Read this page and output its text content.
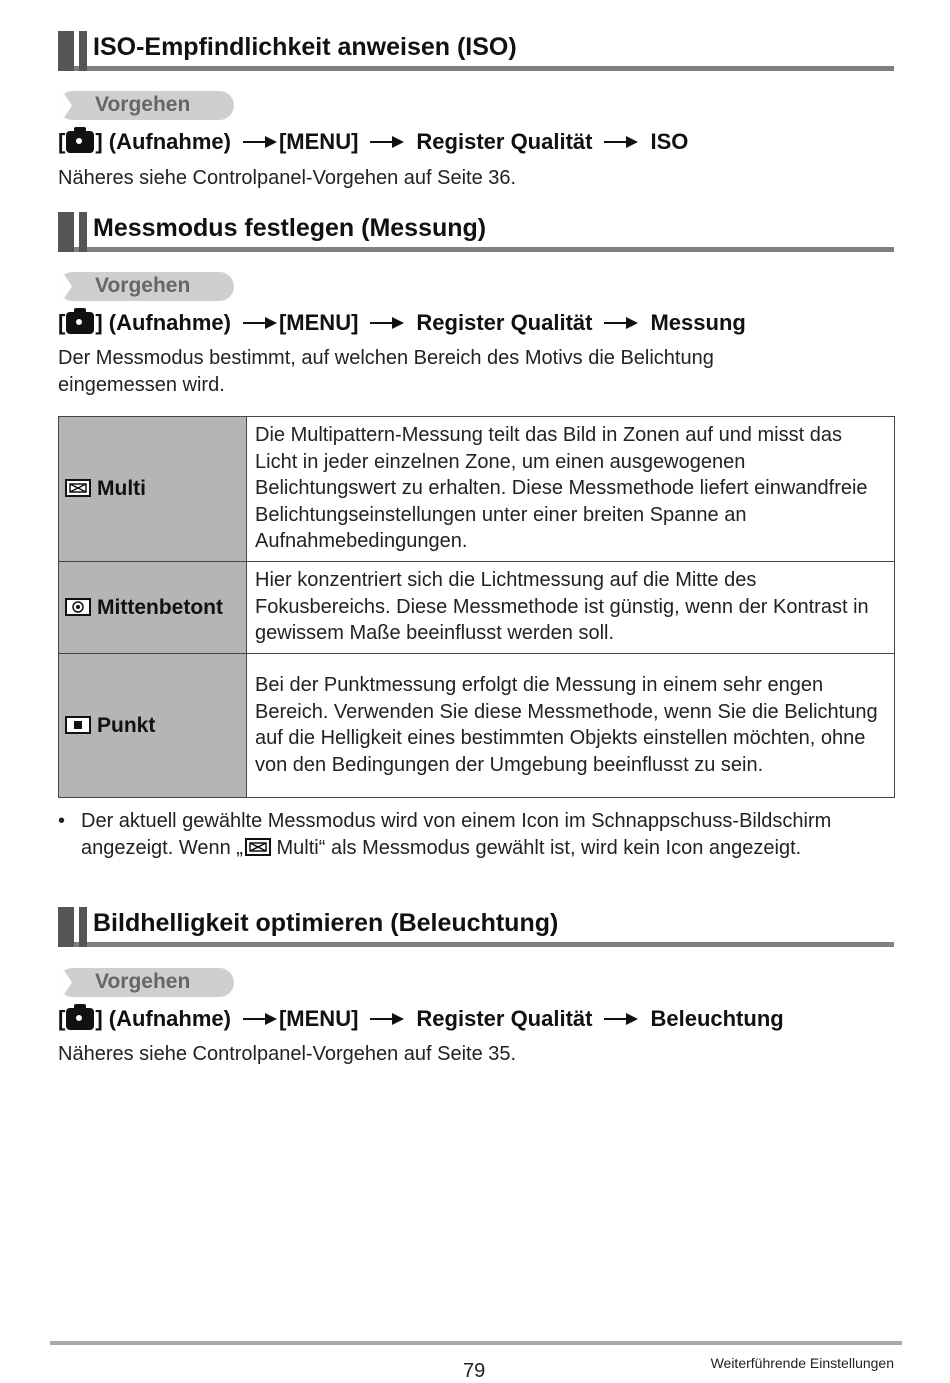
ISO-Empfindlichkeit anweisen (ISO)
Vorgehen
[ ] (Aufnahme) [MENU]	Register Qualität	ISO
Näheres siehe Controlpanel-Vorgehen auf Seite 36.
Messmodus festlegen (Messung)
Vorgehen
[ ] (Aufnahme) [MENU]	Register Qualität	Messung
Der Messmodus bestimmt, auf welchen Bereich des Motivs die Belichtung eingemessen wird.
Multi	Die Multipattern-Messung teilt das Bild in Zonen auf und misst das Licht in jeder einzelnen Zone, um einen ausgewogenen Belichtungswert zu erhalten. Diese Messmethode liefert einwandfreie Belichtungseinstellungen unter einer breiten Spanne an Aufnahmebedingungen.

Mittenbetont	Hier konzentriert sich die Lichtmessung auf die Mitte des Fokusbereichs. Diese Messmethode ist günstig, wenn der Kontrast in gewissem Maße beeinflusst werden soll.

Punkt	Bei der Punktmessung erfolgt die Messung in einem sehr engen Bereich. Verwenden Sie diese Messmethode, wenn Sie die Belichtung auf die Helligkeit eines bestimmten Objekts einstellen möchten, ohne von den Bedingungen der Umgebung beeinflusst zu sein.
• Der aktuell gewählte Messmodus wird von einem Icon im Schnappschuss-Bildschirm angezeigt. Wenn „
Multi“ als Messmodus gewählt ist, wird kein Icon angezeigt.
Bildhelligkeit optimieren (Beleuchtung)
Vorgehen
[ ] (Aufnahme) [MENU]	Register Qualität	Beleuchtung
Näheres siehe Controlpanel-Vorgehen auf Seite 35.
79	Weiterführende Einstellungen
